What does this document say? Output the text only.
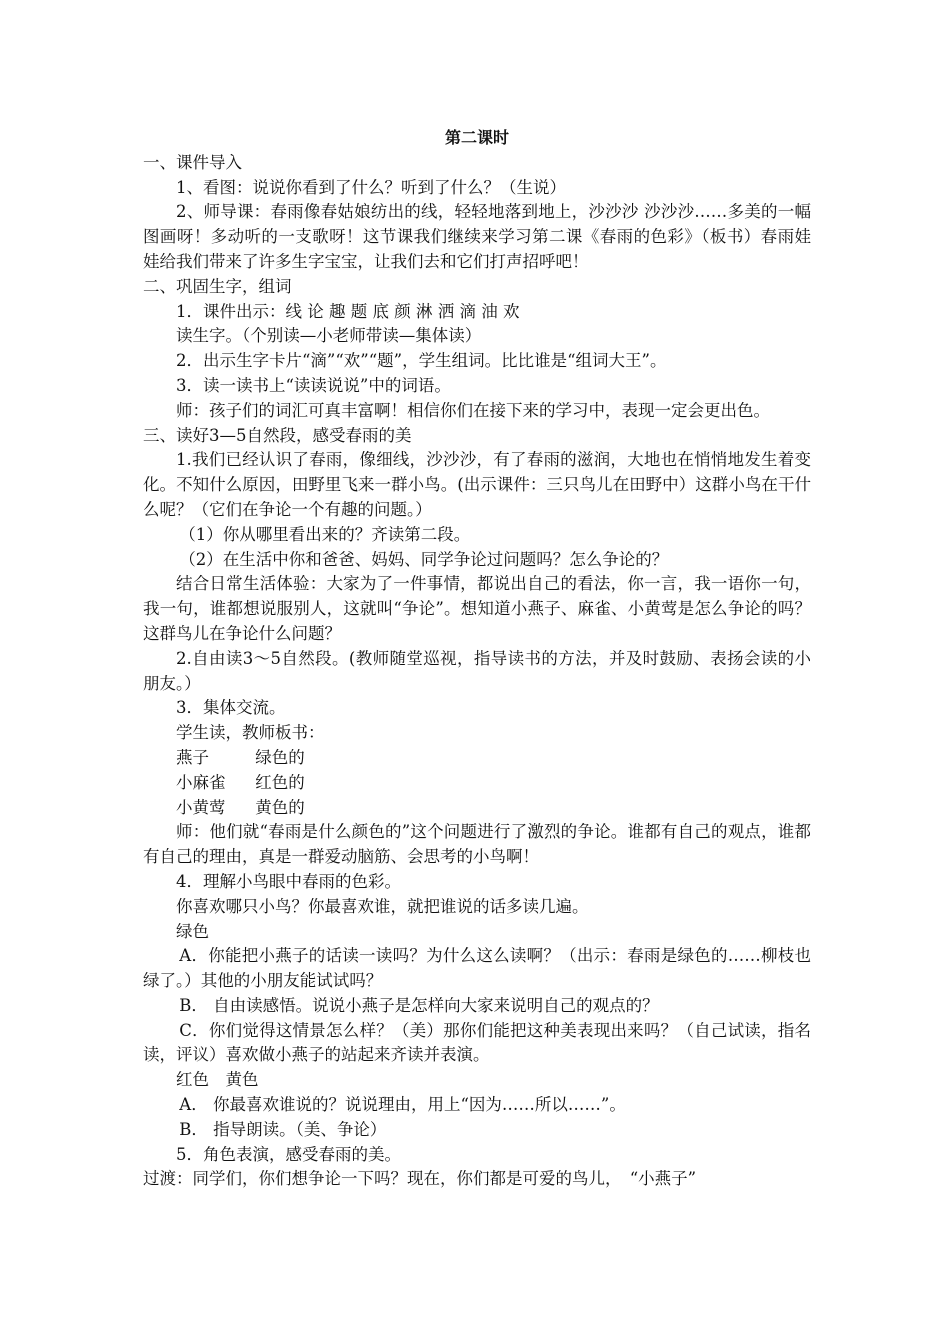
第二课时

一、课件导入

1、看图：说说你看到了什么？听到了什么？（生说）

2、师导课：春雨像春姑娘纺出的线，轻轻地落到地上，沙沙沙 沙沙沙……多美的一幅图画呀！多动听的一支歌呀！这节课我们继续来学习第二课《春雨的色彩》（板书）春雨娃娃给我们带来了许多生字宝宝，让我们去和它们打声招呼吧！

二、巩固生字，组词

1．课件出示：线 论 趣 题 底 颜 淋 洒 滴 油 欢

读生字。（个别读—小老师带读—集体读）

2．出示生字卡片“滴”“欢”“题”，学生组词。比比谁是“组词大王”。

3．读一读书上“读读说说”中的词语。

师：孩子们的词汇可真丰富啊！相信你们在接下来的学习中，表现一定会更出色。

三、读好3—5自然段，感受春雨的美

1.我们已经认识了春雨，像细线，沙沙沙，有了春雨的滋润，大地也在悄悄地发生着变化。不知什么原因，田野里飞来一群小鸟。(出示课件：三只鸟儿在田野中）这群小鸟在干什么呢？（它们在争论一个有趣的问题。）

（1）你从哪里看出来的？齐读第二段。

（2）在生活中你和爸爸、妈妈、同学争论过问题吗？怎么争论的？

结合日常生活体验：大家为了一件事情，都说出自己的看法，你一言，我一语你一句，我一句，谁都想说服别人，这就叫“争论”。想知道小燕子、麻雀、小黄莺是怎么争论的吗？这群鸟儿在争论什么问题？

2.自由读3～5自然段。(教师随堂巡视，指导读书的方法，并及时鼓励、表扬会读的小朋友。）

3．集体交流。

学生读，教师板书：

燕子	绿色的
小麻雀	红色的
小黄莺	黄色的

师：他们就“春雨是什么颜色的”这个问题进行了激烈的争论。谁都有自己的观点，谁都有自己的理由，真是一群爱动脑筋、会思考的小鸟啊！

4．理解小鸟眼中春雨的色彩。

你喜欢哪只小鸟？你最喜欢谁，就把谁说的话多读几遍。

绿色

A．你能把小燕子的话读一读吗？为什么这么读啊？（出示：春雨是绿色的……柳枝也绿了。）其他的小朋友能试试吗？

B． 自由读感悟。说说小燕子是怎样向大家来说明自己的观点的？

C．你们觉得这情景怎么样？（美）那你们能把这种美表现出来吗？（自己试读，指名读，评议）喜欢做小燕子的站起来齐读并表演。

红色　黄色

A． 你最喜欢谁说的？说说理由，用上“因为……所以……”。

B． 指导朗读。（美、争论）

5．角色表演，感受春雨的美。

过渡：同学们，你们想争论一下吗？现在，你们都是可爱的鸟儿，　“小燕子”
